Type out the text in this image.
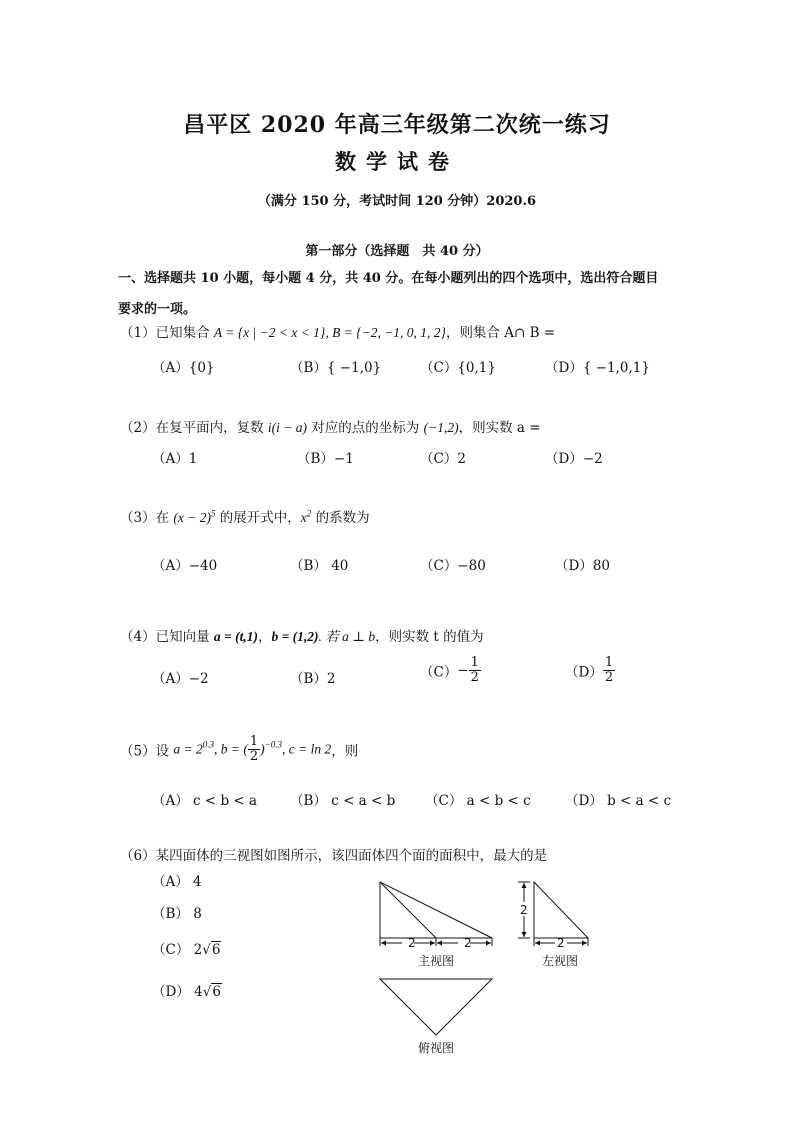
昌平区 2020 年高三年级第二次统一练习
数学试卷
（满分 150 分，考试时间 120 分钟）2020.6
第一部分（选择题　共 40 分）
一、选择题共 10 小题，每小题 4 分，共 40 分。在每小题列出的四个选项中，选出符合题目
要求的一项。
（1）已知集合 A = {x | −2 < x < 1}, B = {−2, −1, 0, 1, 2}，则集合 A∩ B =
（A）{0}	（B）{ −1,0}	（C）{0,1}	（D）{ −1,0,1}
（2）在复平面内，复数 i(i − a) 对应的点的坐标为 (−1,2)，则实数 a =
（A）1	（B）−1	（C）2	（D）−2
（3）在 $(x - 2)^5$ 的展开式中，$x^2$ 的系数为
（A）−40	（B） 40	（C）−80	（D）80
（4）已知向量 a = (t,1)，b = (1,2). 若 a ⊥ b，则实数 t 的值为
（A）−2	（B）2	$(C)- \frac{1}{2}$	$(D) \frac{1}{2}$
（5）设 $a = 2^{0.3}$, b = ( $\frac{1}{2} )^{-0.3}$, c = ln 2，则
（A） c < b < a （B） c < a < b （C） a < b < c	（D） b < a < c
（6）某四面体的三视图如图所示，该四面体四个面的面积中，最大的是
（A） 4
（B） 8
（C） 2√6
（D） 4√6
2	2
主视图
2
2
左视图
俯视图
